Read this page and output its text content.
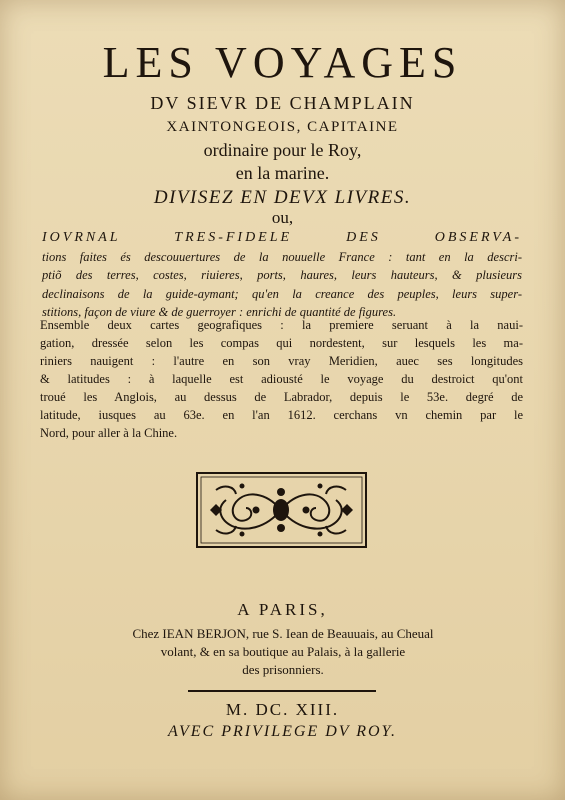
LES VOYAGES
DV SIEVR DE CHAMPLAIN
XAINTONGEOIS, CAPITAINE
ordinaire pour le Roy,
en la marine.
DIVISEZ EN DEVX LIVRES.
ou,
IOVRNAL TRES-FIDELE DES OBSERVA-
tions faites és descouuertures de la nouuelle France : tant en la descri-
ptiõ des terres, costes, riuieres, ports, haures, leurs hauteurs, & plusieurs
declinaisons de la guide-aymant; qu'en la creance des peuples, leurs super-
stitions, façon de viure & de guerroyer : enrichi de quantité de figures.
Ensemble deux cartes geografiques : la premiere seruant à la naui-
gation, dressée selon les compas qui nordestent, sur lesquels les ma-
riniers nauigent : l'autre en son vray Meridien, auec ses longitudes
& latitudes : à laquelle est adiousté le voyage du destroict qu'ont
troué les Anglois, au dessus de Labrador, depuis le 53e. degré de
latitude, iusques au 63e. en l'an 1612. cerchans vn chemin par le
Nord, pour aller à la Chine.
A PARIS,
Chez IEAN BERJON, rue S. Iean de Beauuais, au Cheual
volant, & en sa boutique au Palais, à la gallerie
des prisonniers.
M. DC. XIII.
AVEC PRIVILEGE DV ROY.
